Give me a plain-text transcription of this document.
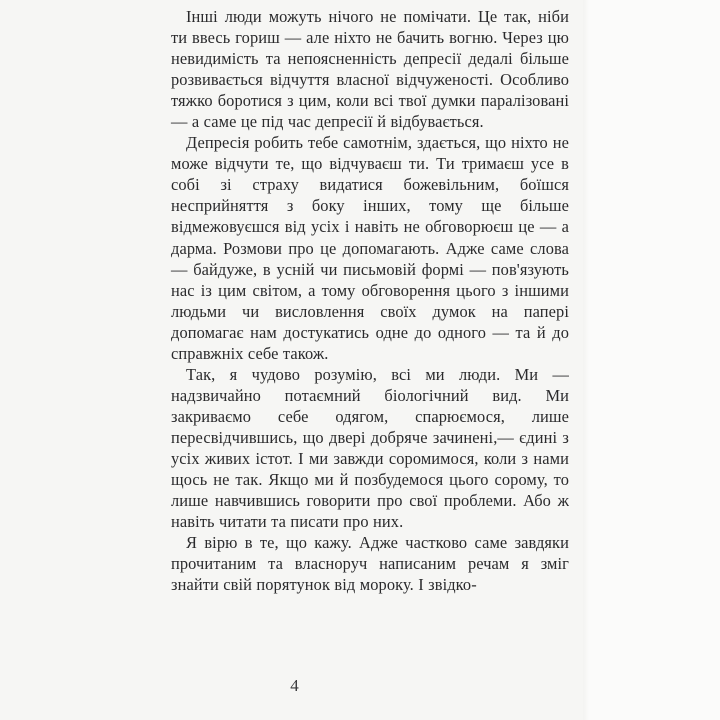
Інші люди можуть нічого не помічати. Це так, ніби ти ввесь гориш — але ніхто не бачить вогню. Через цю невидимість та непоясненність депресії дедалі більше розвивається відчуття власної відчуженості. Особливо тяжко боротися з цим, коли всі твої думки паралізовані — а саме це під час депресії й відбувається.

Депресія робить тебе самотнім, здається, що ніхто не може відчути те, що відчуваєш ти. Ти тримаєш усе в собі зі страху видатися божевільним, боїшся несприйняття з боку інших, тому ще більше відмежовуєшся від усіх і навіть не обговорюєш це — а дарма. Розмови про це допомагають. Адже саме слова — байдуже, в усній чи письмовій формі — пов'язують нас із цим світом, а тому обговорення цього з іншими людьми чи висловлення своїх думок на папері допомагає нам достукатись одне до одного — та й до справжніх себе також.

Так, я чудово розумію, всі ми люди. Ми — надзвичайно потаємний біологічний вид. Ми закриваємо себе одягом, спарюємося, лише пересвідчившись, що двері добряче зачинені,— єдині з усіх живих істот. І ми завжди соромимося, коли з нами щось не так. Якщо ми й позбудемося цього сорому, то лише навчившись говорити про свої проблеми. Або ж навіть читати та писати про них.

Я вірю в те, що кажу. Адже частково саме завдяки прочитаним та власноруч написаним речам я зміг знайти свій порятунок від мороку. І звідко-

4
